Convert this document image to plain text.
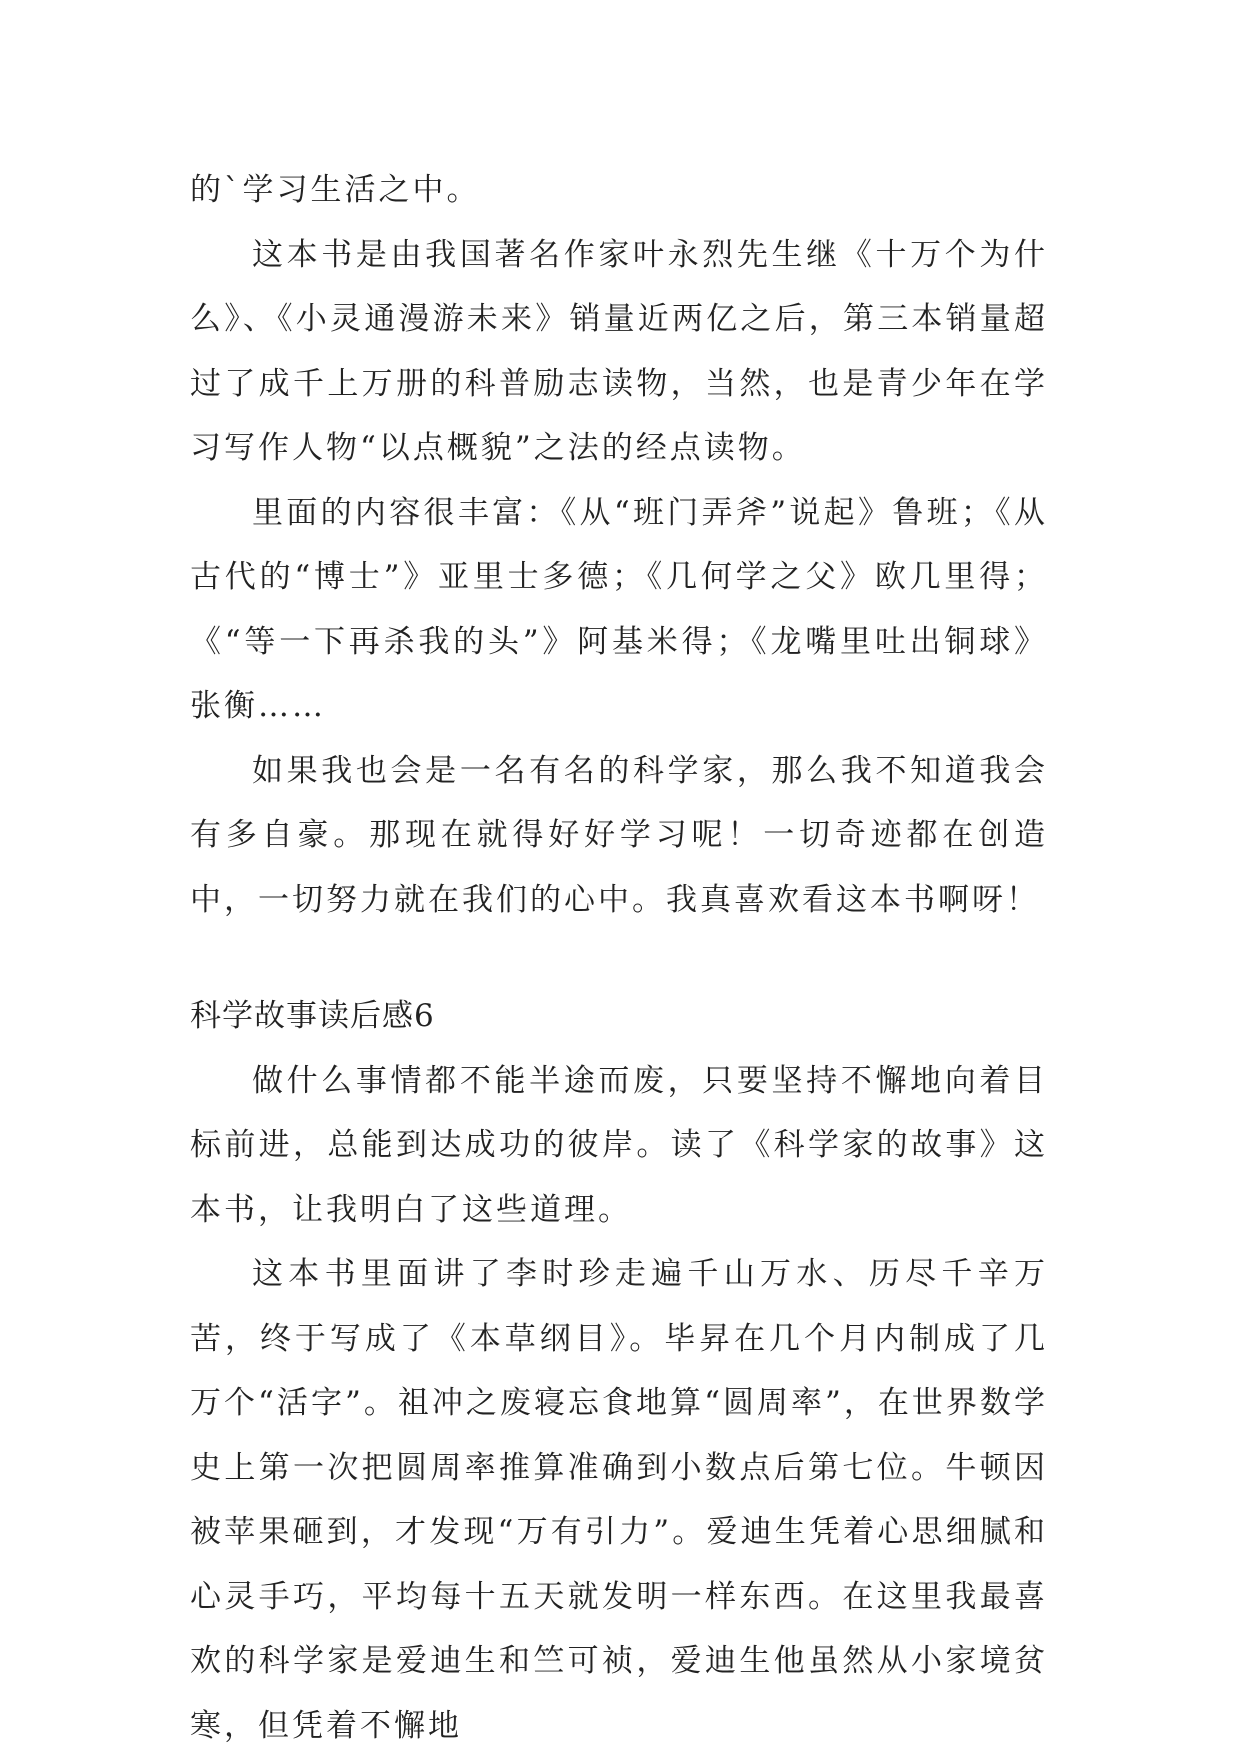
的`学习生活之中。

这本书是由我国著名作家叶永烈先生继《十万个为什么》、《小灵通漫游未来》销量近两亿之后，第三本销量超过了成千上万册的科普励志读物，当然，也是青少年在学习写作人物“以点概貌”之法的经点读物。

里面的内容很丰富：《从“班门弄斧”说起》鲁班；《从古代的“博士”》亚里士多德；《几何学之父》欧几里得；《“等一下再杀我的头”》阿基米得；《龙嘴里吐出铜球》张衡……

如果我也会是一名有名的科学家，那么我不知道我会有多自豪。那现在就得好好学习呢！一切奇迹都在创造中，一切努力就在我们的心中。我真喜欢看这本书啊呀！

科学故事读后感6

做什么事情都不能半途而废，只要坚持不懈地向着目标前进，总能到达成功的彼岸。读了《科学家的故事》这本书，让我明白了这些道理。

这本书里面讲了李时珍走遍千山万水、历尽千辛万苦，终于写成了《本草纲目》。毕昇在几个月内制成了几万个“活字”。祖冲之废寝忘食地算“圆周率”，在世界数学史上第一次把圆周率推算准确到小数点后第七位。牛顿因被苹果砸到，才发现“万有引力”。爱迪生凭着心思细腻和心灵手巧，平均每十五天就发明一样东西。在这里我最喜欢的科学家是爱迪生和竺可祯，爱迪生他虽然从小家境贫寒，但凭着不懈地
